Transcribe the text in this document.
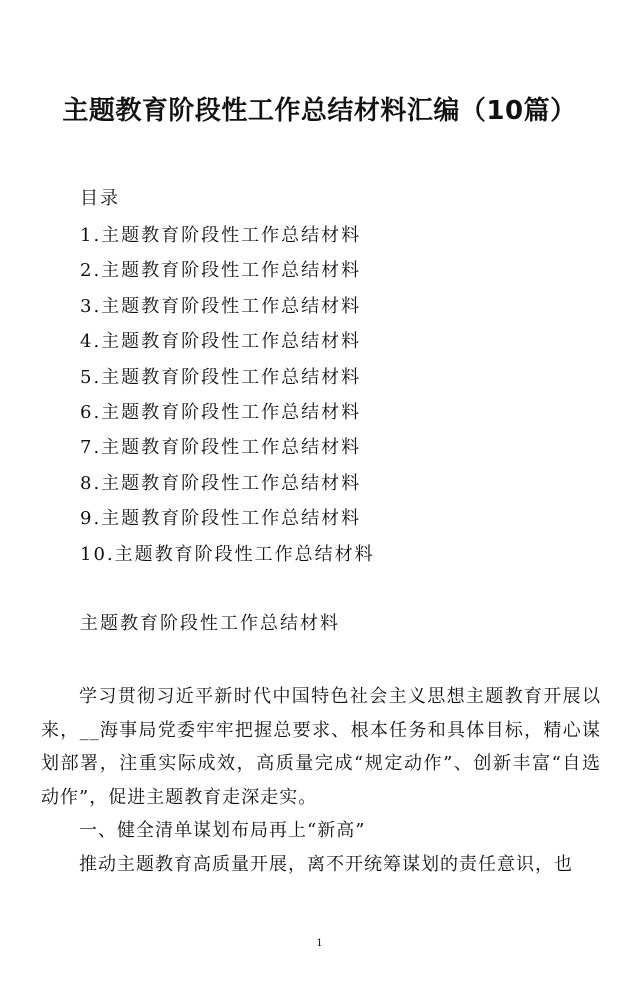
主题教育阶段性工作总结材料汇编（10篇）
目录
1.主题教育阶段性工作总结材料
2.主题教育阶段性工作总结材料
3.主题教育阶段性工作总结材料
4.主题教育阶段性工作总结材料
5.主题教育阶段性工作总结材料
6.主题教育阶段性工作总结材料
7.主题教育阶段性工作总结材料
8.主题教育阶段性工作总结材料
9.主题教育阶段性工作总结材料
10.主题教育阶段性工作总结材料
主题教育阶段性工作总结材料

学习贯彻习近平新时代中国特色社会主义思想主题教育开展以来，__海事局党委牢牢把握总要求、根本任务和具体目标，精心谋划部署，注重实际成效，高质量完成“规定动作”、创新丰富“自选动作”，促进主题教育走深走实。

一、健全清单谋划布局再上“新高”

推动主题教育高质量开展，离不开统筹谋划的责任意识，也

1
